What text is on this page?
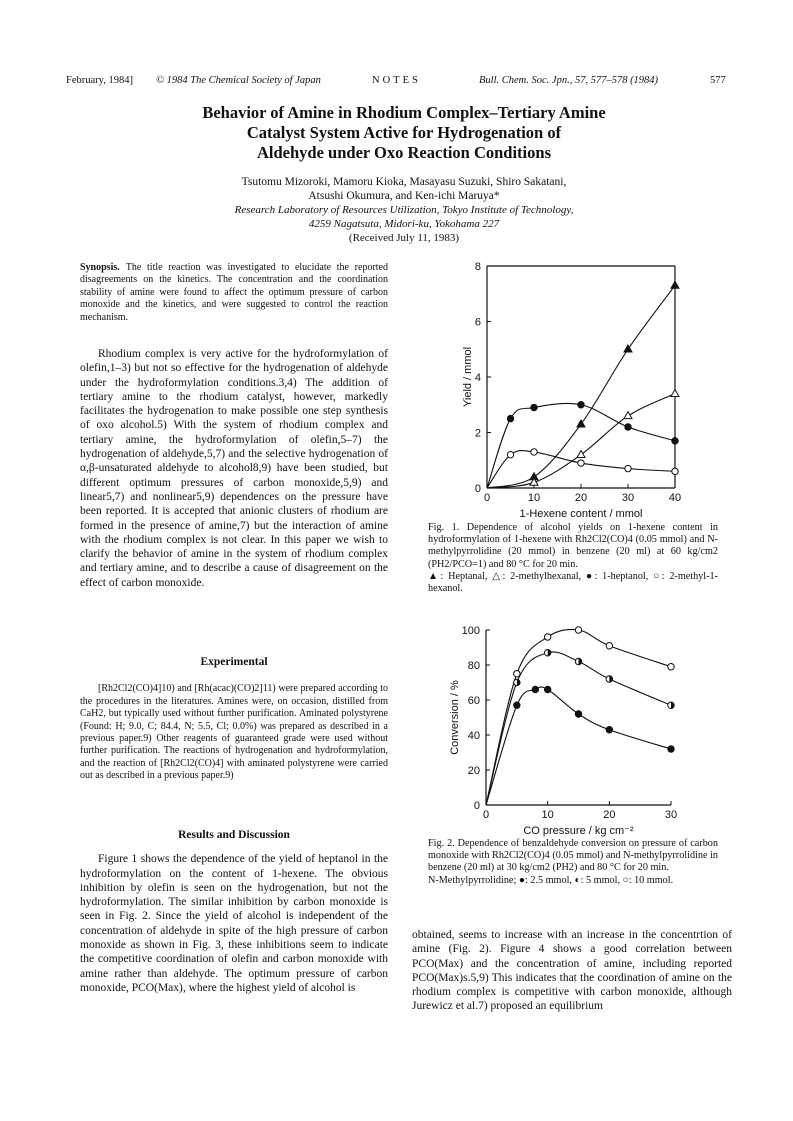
February, 1984] © 1984 The Chemical Society of Japan	NOTES	Bull. Chem. Soc. Jpn., 57, 577–578 (1984)	577
Behavior of Amine in Rhodium Complex–Tertiary Amine
Catalyst System Active for Hydrogenation of
Aldehyde under Oxo Reaction Conditions
Tsutomu Mizoroki, Mamoru Kioka, Masayasu Suzuki, Shiro Sakatani,
Atsushi Okumura, and Ken-ichi Maruya*
Research Laboratory of Resources Utilization, Tokyo Institute of Technology,
4259 Nagatsuta, Midori-ku, Yokohama 227
(Received July 11, 1983)
Synopsis. The title reaction was investigated to elucidate the reported disagreements on the kinetics. The concentration and the coordination stability of amine were found to affect the optimum pressure of carbon monoxide and the kinetics, and were suggested to control the reaction mechanism.

Rhodium complex is very active for the hydroformylation of olefin,1–3) but not so effective for the hydrogenation of aldehyde under the hydroformylation conditions.3,4) The addition of tertiary amine to the rhodium catalyst, however, markedly facilitates the hydrogenation to make possible one step synthesis of oxo alcohol.5) With the system of rhodium complex and tertiary amine, the hydroformylation of olefin,5–7) the hydrogenation of aldehyde,5,7) and the selective hydrogenation of α,β-unsaturated aldehyde to alcohol8,9) have been studied, but different optimum pressures of carbon monoxide,5,9) and linear5,7) and nonlinear5,9) dependences on the pressure have been reported. It is accepted that anionic clusters of rhodium are formed in the presence of amine,7) but the interaction of amine with the rhodium complex is not clear. In this paper we wish to clarify the behavior of amine in the system of rhodium complex and tertiary amine, and to describe a cause of disagreement on the effect of carbon monoxide.

Experimental

[Rh2Cl2(CO)4]10) and [Rh(acac)(CO)2]11) were prepared according to the procedures in the literatures. Amines were, on occasion, distilled from CaH2, but typically used without further purification. Aminated polystyrene (Found: H; 9.0, C; 84.4, N; 5.5, Cl; 0.0%) was prepared as described in a previous paper.9) Other reagents of guaranteed grade were used without further purification. The reactions of hydrogenation and hydroformylation, and the reaction of [Rh2Cl2(CO)4] with aminated polystyrene were carried out as described in a previous paper.9)

Results and Discussion

Figure 1 shows the dependence of the yield of heptanol in the hydroformylation on the content of 1-hexene. The obvious inhibition by olefin is seen on the hydrogenation, but not the hydroformylation. The similar inhibition by carbon monoxide is seen in Fig. 2. Since the yield of alcohol is independent of the concentration of aldehyde in spite of the high pressure of carbon monoxide as shown in Fig. 3, these inhibitions seem to indicate the competitive coordination of olefin and carbon monoxide with amine rather than aldehyde. The optimum pressure of carbon monoxide, PCO(Max), where the highest yield of alcohol is

0	10	20	30	40
0
2
4
6
8
1-Hexene content / mmol
Yield / mmol
Fig. 1. Dependence of alcohol yields on 1-hexene content in hydroformylation of 1-hexene with Rh2Cl2(CO)4 (0.05 mmol) and N-methylpyrrolidine (20 mmol) in benzene (20 ml) at 60 kg/cm2 (PH2/PCO=1) and 80 °C for 20 min.
▲: Heptanal, △: 2-methylhexanal, ●: 1-heptanol, ○: 2-methyl-1-hexanol.
0	10	20	30
0
20
40
60
80
100
CO pressure / kg cm⁻²
Conversion / %
Fig. 2. Dependence of benzaldehyde conversion on pressure of carbon monoxide with Rh2Cl2(CO)4 (0.05 mmol) and N-methylpyrrolidine in benzene (20 ml) at 30 kg/cm2 (PH2) and 80 °C for 20 min.
N-Methylpyrrolidine; ●: 2.5 mmol, ◐: 5 mmol, ○: 10 mmol.

obtained, seems to increase with an increase in the concentrtion of amine (Fig. 2). Figure 4 shows a good correlation between PCO(Max) and the concentration of amine, including reported PCO(Max)s.5,9) This indicates that the coordination of amine on the rhodium complex is competitive with carbon monoxide, although Jurewicz et al.7) proposed an equilibrium
